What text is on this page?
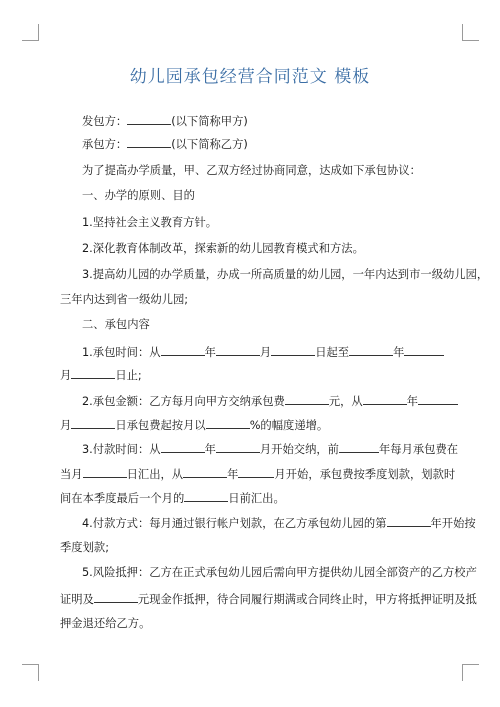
幼儿园承包经营合同范文 模板
发包方：	(以下简称甲方)
承包方：	(以下简称乙方)
为了提高办学质量，甲、乙双方经过协商同意，达成如下承包协议：
一、办学的原则、目的
1.坚持社会主义教育方针。
2.深化教育体制改革，探索新的幼儿园教育模式和方法。
3.提高幼儿园的办学质量，办成一所高质量的幼儿园，一年内达到市一级幼儿园，
三年内达到省一级幼儿园;
二、承包内容
1.承包时间：从	年	月	日起至	年
月	日止;
2.承包金额：乙方每月向甲方交纳承包费	元，从	年
月	日承包费起按月以	%的幅度递增。
3.付款时间：从	年	月开始交纳，前	年每月承包费在
当月	日汇出，从	年	月开始，承包费按季度划款，划款时
间在本季度最后一个月的	日前汇出。
4.付款方式：每月通过银行帐户划款，在乙方承包幼儿园的第	年开始按
季度划款;
5.风险抵押：乙方在正式承包幼儿园后需向甲方提供幼儿园全部资产的乙方校产
证明及	元现金作抵押，待合同履行期满或合同终止时，甲方将抵押证明及抵
押金退还给乙方。
